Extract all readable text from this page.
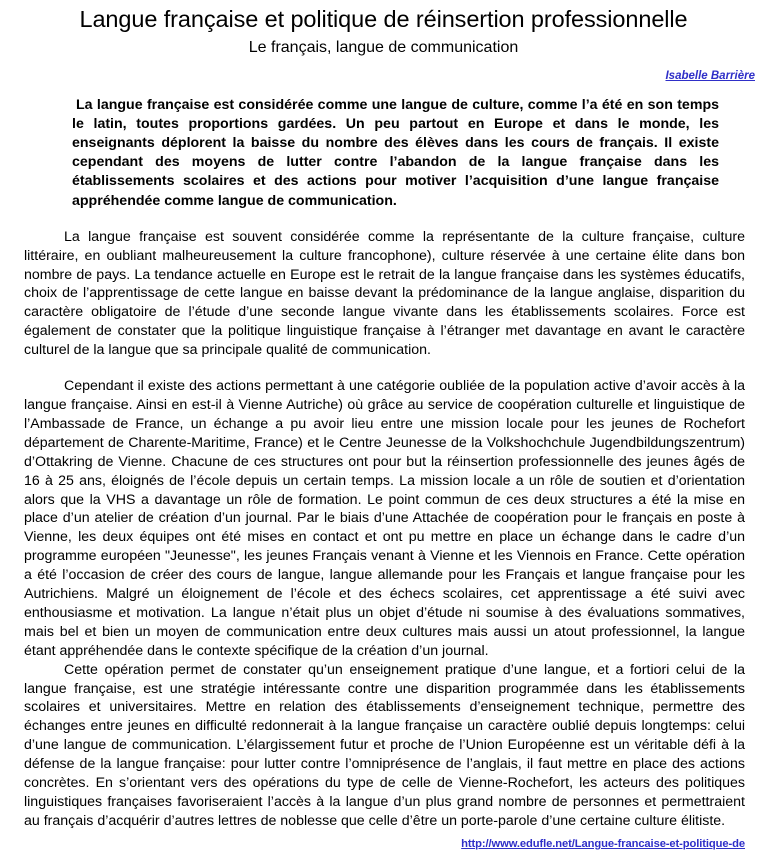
Langue française et politique de réinsertion professionnelle
Le français, langue de communication
Isabelle Barrière

La langue française est considérée comme une langue de culture, comme l’a été en son temps le latin, toutes proportions gardées. Un peu partout en Europe et dans le monde, les enseignants déplorent la baisse du nombre des élèves dans les cours de français. Il existe cependant des moyens de lutter contre l’abandon de la langue française dans les établissements scolaires et des actions pour motiver l’acquisition d’une langue française appréhendée comme langue de communication.

La langue française est souvent considérée comme la représentante de la culture française, culture littéraire, en oubliant malheureusement la culture francophone), culture réservée à une certaine élite dans bon nombre de pays. La tendance actuelle en Europe est le retrait de la langue française dans les systèmes éducatifs, choix de l’apprentissage de cette langue en baisse devant la prédominance de la langue anglaise, disparition du caractère obligatoire de l’étude d’une seconde langue vivante dans les établissements scolaires. Force est également de constater que la politique linguistique française à l’étranger met davantage en avant le caractère culturel de la langue que sa principale qualité de communication.

Cependant il existe des actions permettant à une catégorie oubliée de la population active d’avoir accès à la langue française. Ainsi en est-il à Vienne Autriche) où grâce au service de coopération culturelle et linguistique de l’Ambassade de France, un échange a pu avoir lieu entre une mission locale pour les jeunes de Rochefort département de Charente-Maritime, France) et le Centre Jeunesse de la Volkshochchule Jugendbildungszentrum) d’Ottakring de Vienne. Chacune de ces structures ont pour but la réinsertion professionnelle des jeunes âgés de 16 à 25 ans, éloignés de l’école depuis un certain temps. La mission locale a un rôle de soutien et d’orientation alors que la VHS a davantage un rôle de formation. Le point commun de ces deux structures a été la mise en place d’un atelier de création d’un journal. Par le biais d’une Attachée de coopération pour le français en poste à Vienne, les deux équipes ont été mises en contact et ont pu mettre en place un échange dans le cadre d’un programme européen "Jeunesse", les jeunes Français venant à Vienne et les Viennois en France. Cette opération a été l’occasion de créer des cours de langue, langue allemande pour les Français et langue française pour les Autrichiens. Malgré un éloignement de l’école et des échecs scolaires, cet apprentissage a été suivi avec enthousiasme et motivation. La langue n’était plus un objet d’étude ni soumise à des évaluations sommatives, mais bel et bien un moyen de communication entre deux cultures mais aussi un atout professionnel, la langue étant appréhendée dans le contexte spécifique de la création d’un journal.

Cette opération permet de constater qu’un enseignement pratique d’une langue, et a fortiori celui de la langue française, est une stratégie intéressante contre une disparition programmée dans les établissements scolaires et universitaires. Mettre en relation des établissements d’enseignement technique, permettre des échanges entre jeunes en difficulté redonnerait à la langue française un caractère oublié depuis longtemps: celui d’une langue de communication. L’élargissement futur et proche de l’Union Européenne est un véritable défi à la défense de la langue française: pour lutter contre l’omniprésence de l’anglais, il faut mettre en place des actions concrètes. En s’orientant vers des opérations du type de celle de Vienne-Rochefort, les acteurs des politiques linguistiques françaises favoriseraient l’accès à la langue d’un plus grand nombre de personnes et permettraient au français d’acquérir d’autres lettres de noblesse que celle d’être un porte-parole d’une certaine culture élitiste.

http://www.edufle.net/Langue-francaise-et-politique-de
